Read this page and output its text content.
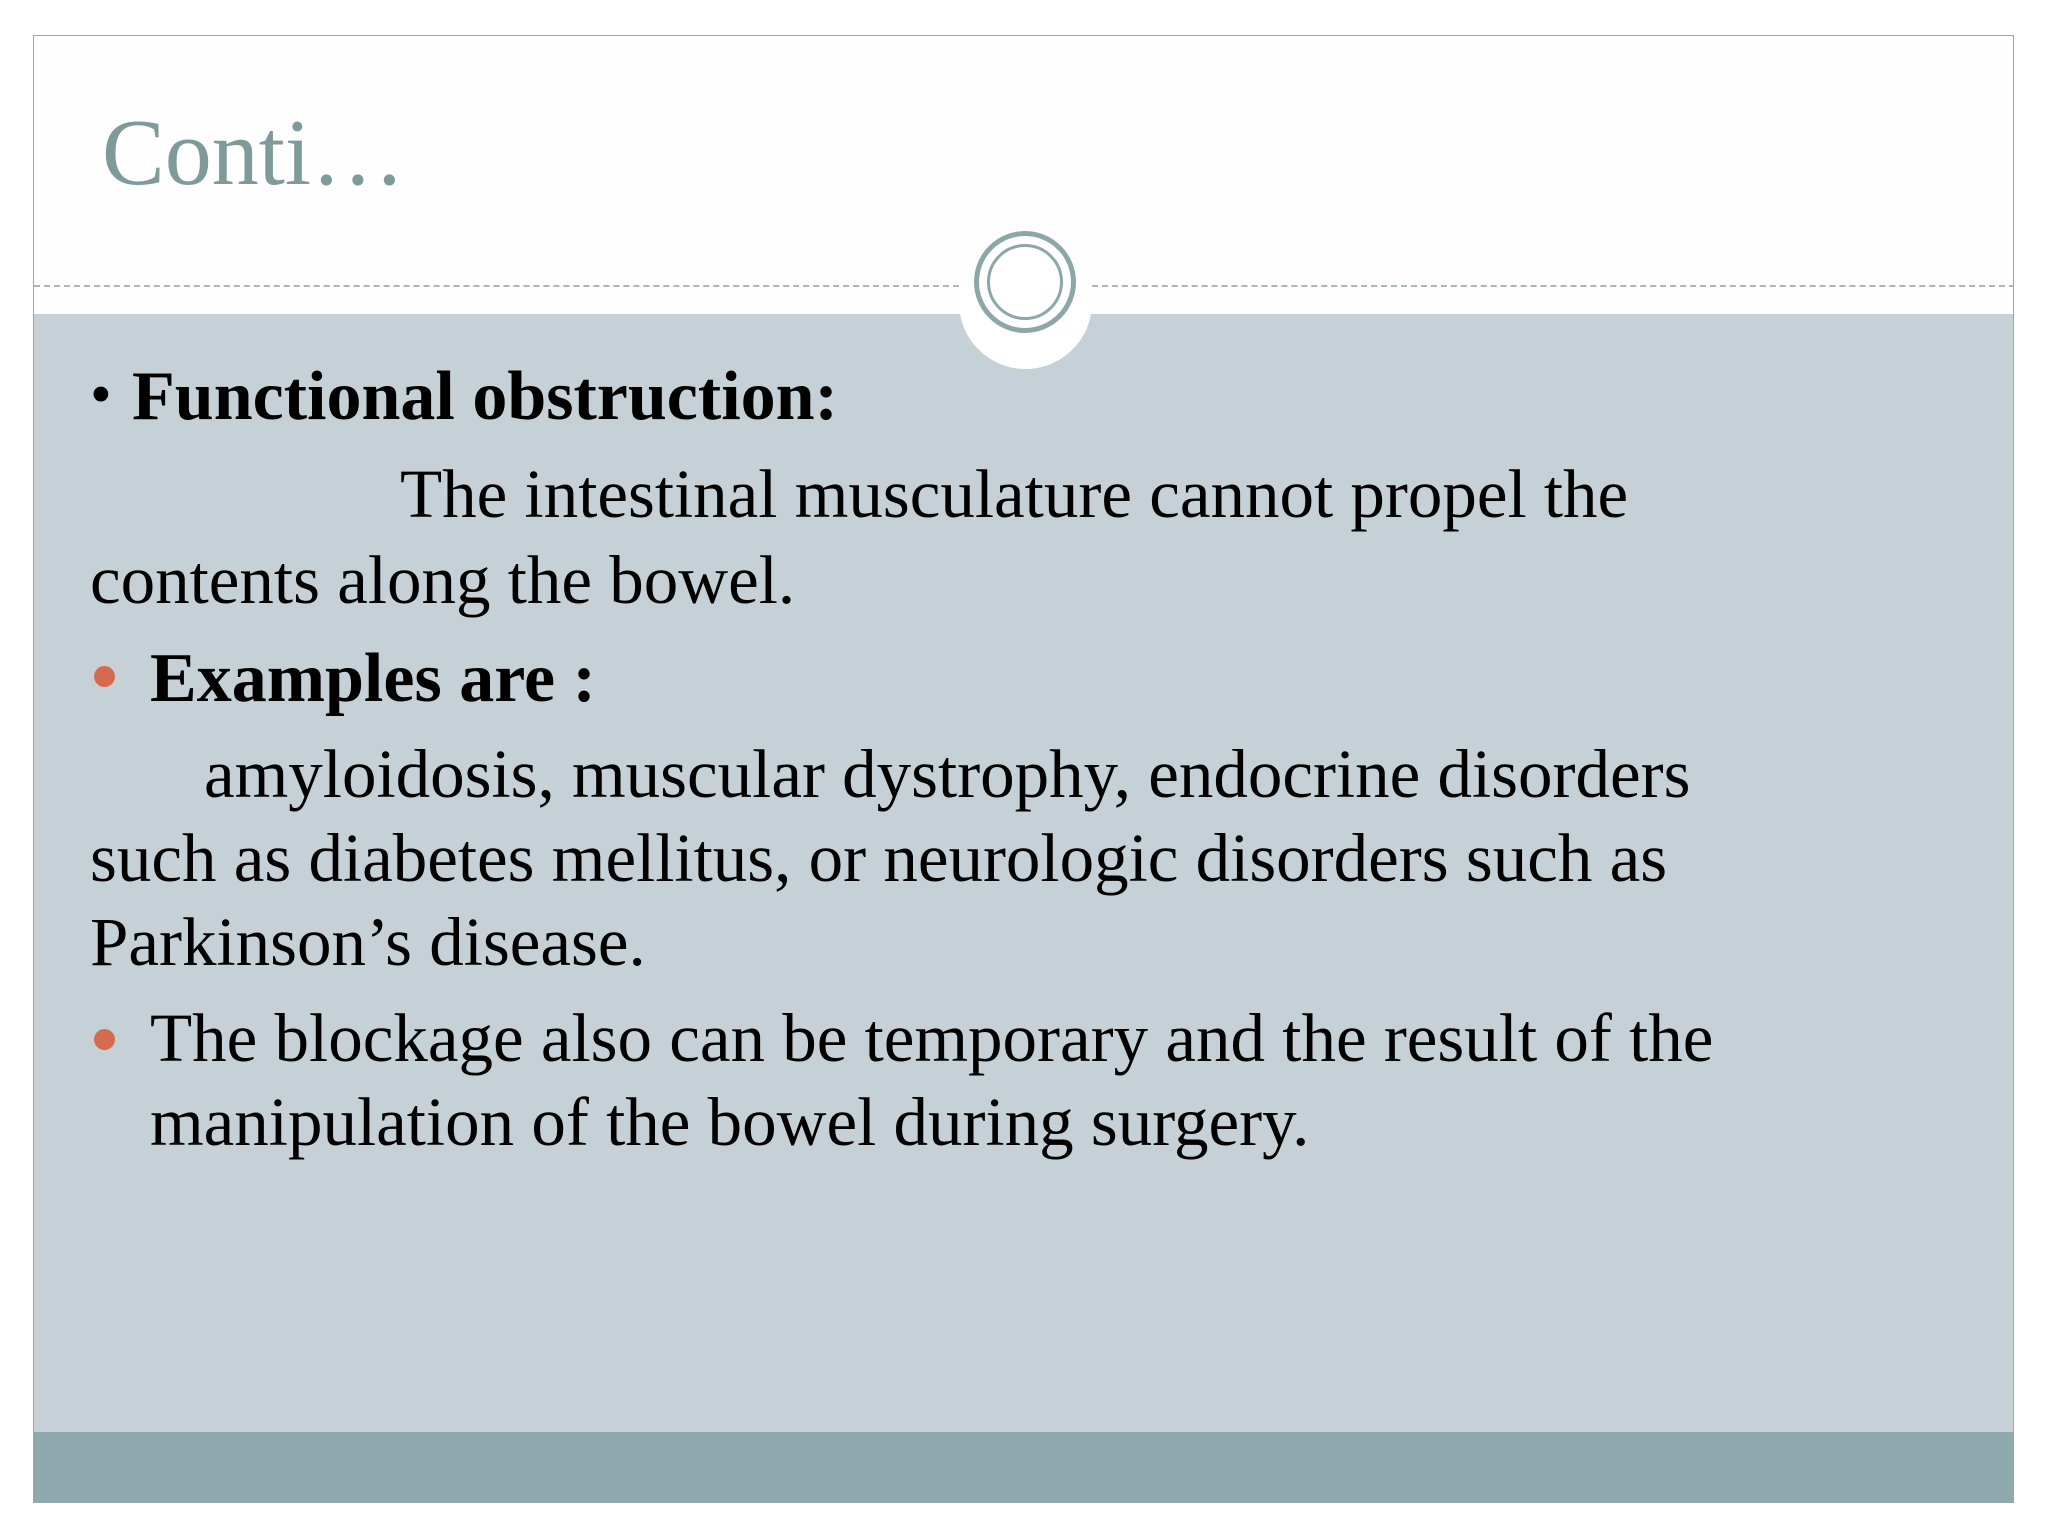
Conti…
• Functional obstruction:
The intestinal musculature cannot propel the
contents along the bowel.
Examples are :
amyloidosis, muscular dystrophy, endocrine disorders
such as diabetes mellitus, or neurologic disorders such as
Parkinson’s disease.
The blockage also can be temporary and the result of the
manipulation of the bowel during surgery.
